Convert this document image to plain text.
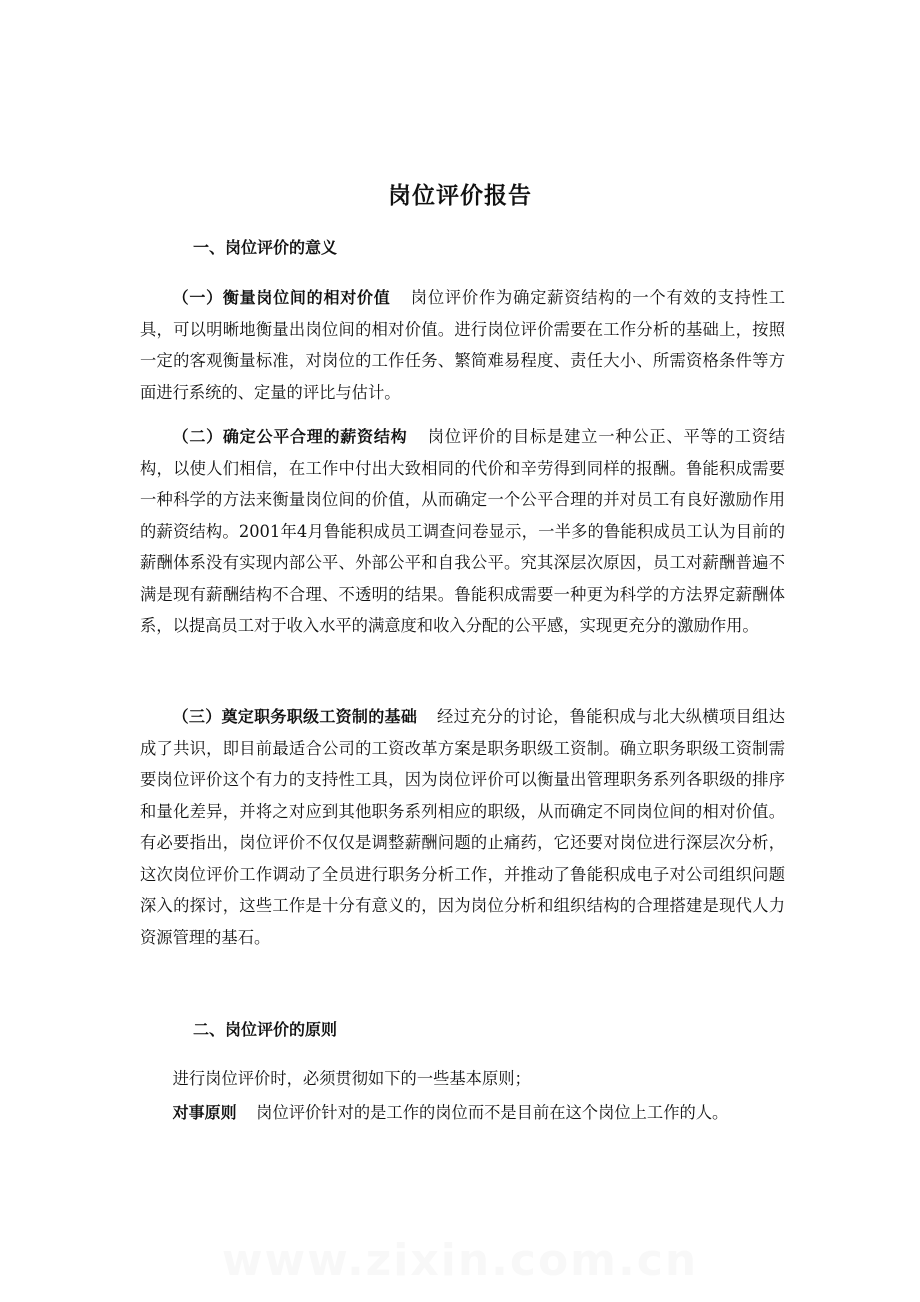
岗位评价报告
一、岗位评价的意义

（一）衡量岗位间的相对价值 岗位评价作为确定薪资结构的一个有效的支持性工具，可以明晰地衡量出岗位间的相对价值。进行岗位评价需要在工作分析的基础上，按照一定的客观衡量标准，对岗位的工作任务、繁简难易程度、责任大小、所需资格条件等方面进行系统的、定量的评比与估计。

（二）确定公平合理的薪资结构 岗位评价的目标是建立一种公正、平等的工资结构，以使人们相信，在工作中付出大致相同的代价和辛劳得到同样的报酬。鲁能积成需要一种科学的方法来衡量岗位间的价值，从而确定一个公平合理的并对员工有良好激励作用的薪资结构。2001年4月鲁能积成员工调查问卷显示，一半多的鲁能积成员工认为目前的薪酬体系没有实现内部公平、外部公平和自我公平。究其深层次原因，员工对薪酬普遍不满是现有薪酬结构不合理、不透明的结果。鲁能积成需要一种更为科学的方法界定薪酬体系，以提高员工对于收入水平的满意度和收入分配的公平感，实现更充分的激励作用。

（三）奠定职务职级工资制的基础 经过充分的讨论，鲁能积成与北大纵横项目组达成了共识，即目前最适合公司的工资改革方案是职务职级工资制。确立职务职级工资制需要岗位评价这个有力的支持性工具，因为岗位评价可以衡量出管理职务系列各职级的排序和量化差异，并将之对应到其他职务系列相应的职级，从而确定不同岗位间的相对价值。有必要指出，岗位评价不仅仅是调整薪酬问题的止痛药，它还要对岗位进行深层次分析，这次岗位评价工作调动了全员进行职务分析工作，并推动了鲁能积成电子对公司组织问题深入的探讨，这些工作是十分有意义的，因为岗位分析和组织结构的合理搭建是现代人力资源管理的基石。

二、岗位评价的原则

进行岗位评价时，必须贯彻如下的一些基本原则；

对事原则 岗位评价针对的是工作的岗位而不是目前在这个岗位上工作的人。

www.zixin.com.cn
